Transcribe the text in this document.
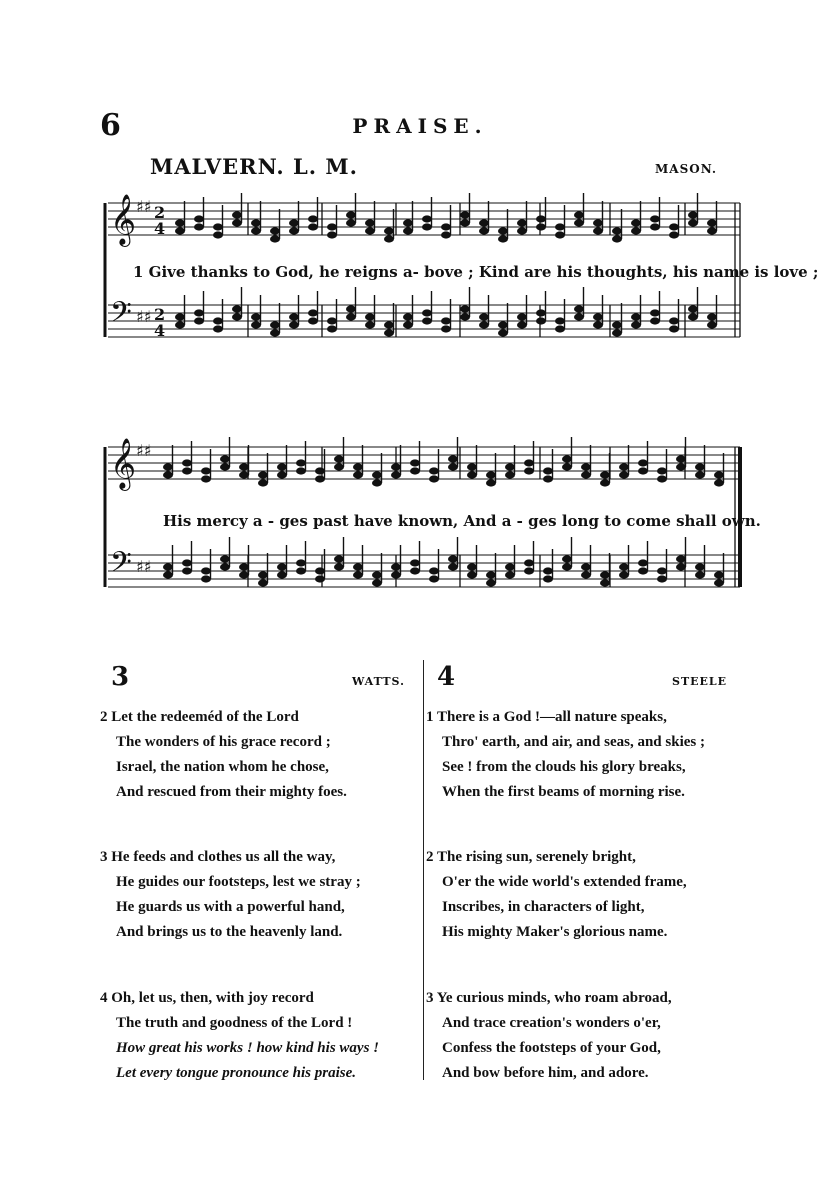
6	PRAISE.
MALVERN. L. M.	MASON.
𝄞 ♯♯ 2
4
𝄢 ♯♯ 2
4
1 Give thanks to God, he reigns a- bove ; Kind are his thoughts, his name is love ;
𝄞 ♯♯
𝄢 ♯♯
His mercy a - ges past have known, And a - ges long to come shall own.
3	WATTS. 4	STEELE
2 Let the redeeméd of the Lord
The wonders of his grace record ;
Israel, the nation whom he chose,
And rescued from their mighty foes.
3 He feeds and clothes us all the way,
He guides our footsteps, lest we stray ;
He guards us with a powerful hand,
And brings us to the heavenly land.
4 Oh, let us, then, with joy record
The truth and goodness of the Lord !
How great his works ! how kind his ways !
Let every tongue pronounce his praise.
1 There is a God !—all nature speaks,
Thro' earth, and air, and seas, and skies ;
See ! from the clouds his glory breaks,
When the first beams of morning rise.
2 The rising sun, serenely bright,
O'er the wide world's extended frame,
Inscribes, in characters of light,
His mighty Maker's glorious name.
3 Ye curious minds, who roam abroad,
And trace creation's wonders o'er,
Confess the footsteps of your God,
And bow before him, and adore.
